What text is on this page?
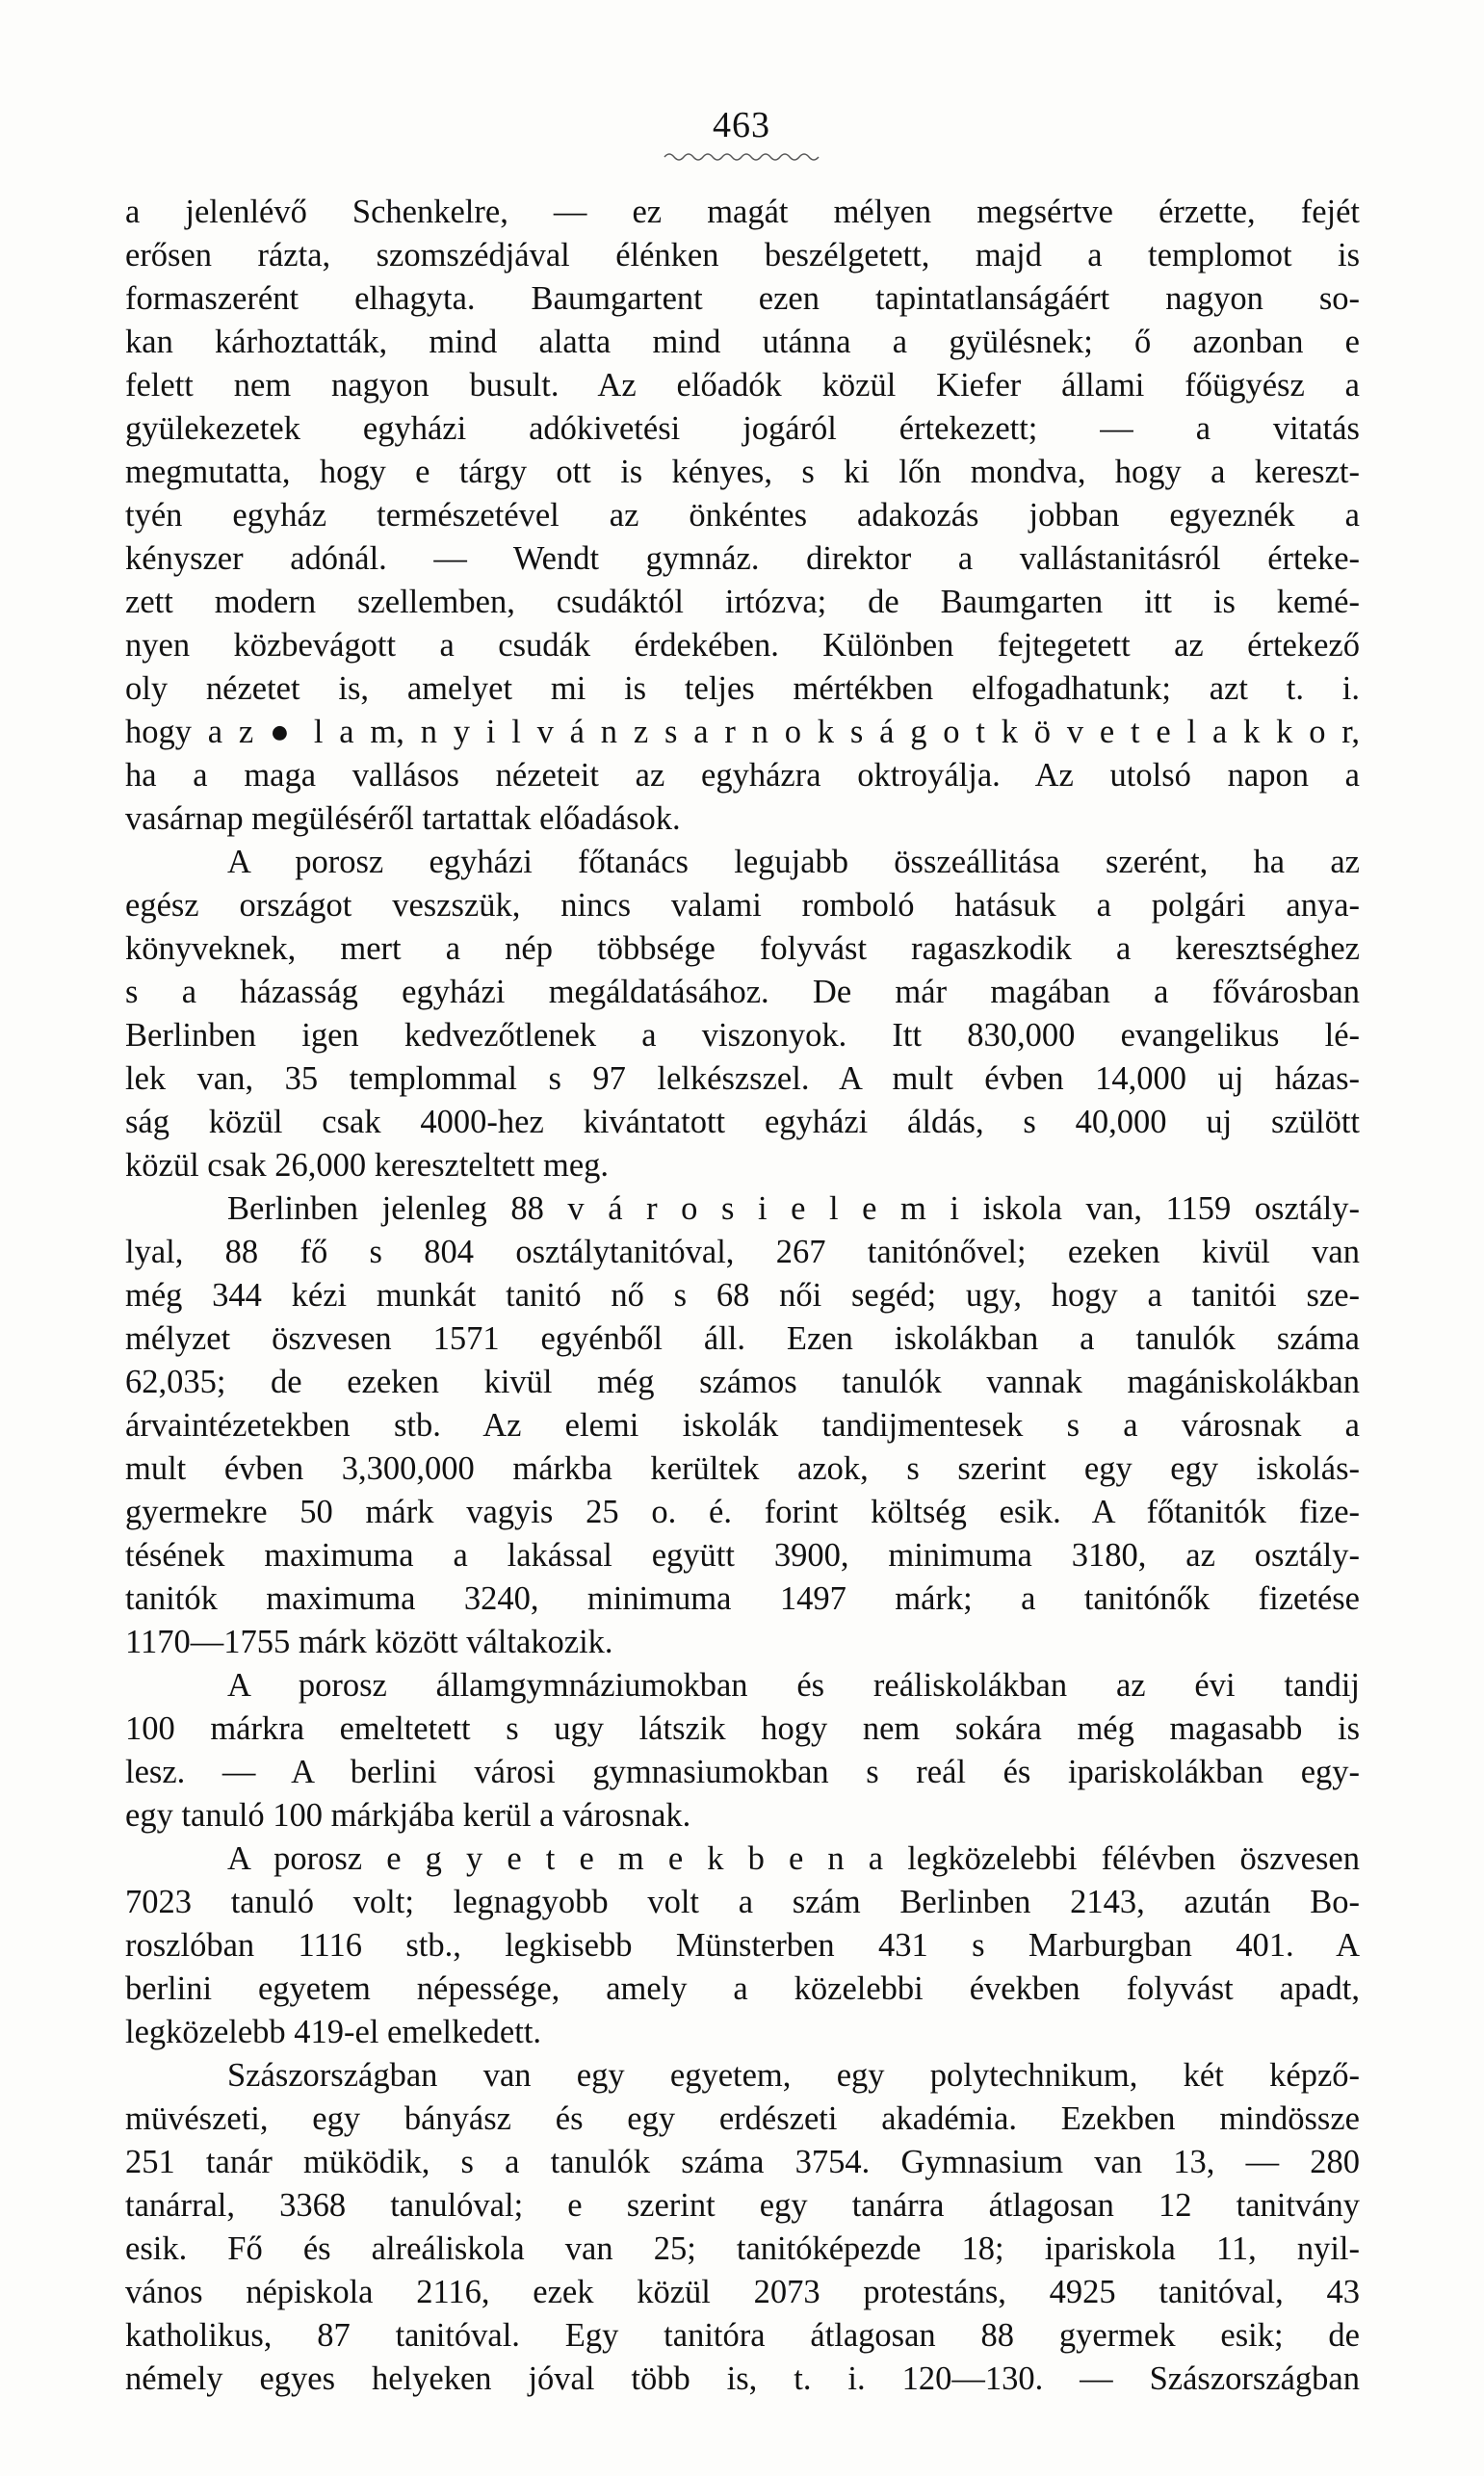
463
a jelenlévő Schenkelre, — ez magát mélyen megsértve érzette, fejét
erősen rázta, szomszédjával élénken beszélgetett, majd a templomot is
formaszerént elhagyta. Baumgartent ezen tapintatlanságáért nagyon so-
kan kárhoztatták, mind alatta mind utánna a gyülésnek; ő azonban e
felett nem nagyon busult. Az előadók közül Kiefer állami főügyész a
gyülekezetek egyházi adókivetési jogáról értekezett; — a vitatás
megmutatta, hogy e tárgy ott is kényes, s ki lőn mondva, hogy a kereszt-
tyén egyház természetével az önkéntes adakozás jobban egyeznék a
kényszer adónál. — Wendt gymnáz. direktor a vallástanitásról érteke-
zett modern szellemben, csudáktól irtózva; de Baumgarten itt is kemé-
nyen közbevágott a csudák érdekében. Különben fejtegetett az értekező
oly nézetet is, amelyet mi is teljes mértékben elfogadhatunk; azt t. i.
hogy a z ● l a m, n y i l v á n z s a r n o k s á g o t k ö v e t e l a k k o r,
ha a maga vallásos nézeteit az egyházra oktroyálja. Az utolsó napon a
vasárnap megüléséről tartattak előadások.
A porosz egyházi főtanács legujabb összeállitása szerént, ha az
egész országot veszszük, nincs valami romboló hatásuk a polgári anya-
könyveknek, mert a nép többsége folyvást ragaszkodik a keresztséghez
s a házasság egyházi megáldatásához. De már magában a fővárosban
Berlinben igen kedvezőtlenek a viszonyok. Itt 830,000 evangelikus lé-
lek van, 35 templommal s 97 lelkészszel. A mult évben 14,000 uj házas-
ság közül csak 4000-hez kivántatott egyházi áldás, s 40,000 uj szülött
közül csak 26,000 kereszteltett meg.
Berlinben jelenleg 88 v á r o s i e l e m i iskola van, 1159 osztály-
lyal, 88 fő s 804 osztálytanitóval, 267 tanitónővel; ezeken kivül van
még 344 kézi munkát tanitó nő s 68 női segéd; ugy, hogy a tanitói sze-
mélyzet öszvesen 1571 egyénből áll. Ezen iskolákban a tanulók száma
62,035; de ezeken kivül még számos tanulók vannak magániskolákban
árvaintézetekben stb. Az elemi iskolák tandijmentesek s a városnak a
mult évben 3,300,000 márkba kerültek azok, s szerint egy egy iskolás-
gyermekre 50 márk vagyis 25 o. é. forint költség esik. A főtanitók fize-
tésének maximuma a lakással együtt 3900, minimuma 3180, az osztály-
tanitók maximuma 3240, minimuma 1497 márk; a tanitónők fizetése
1170—1755 márk között váltakozik.
A porosz államgymnáziumokban és reáliskolákban az évi tandij
100 márkra emeltetett s ugy látszik hogy nem sokára még magasabb is
lesz. — A berlini városi gymnasiumokban s reál és ipariskolákban egy-
egy tanuló 100 márkjába kerül a városnak.
A porosz e g y e t e m e k b e n a legközelebbi félévben öszvesen
7023 tanuló volt; legnagyobb volt a szám Berlinben 2143, azután Bo-
roszlóban 1116 stb., legkisebb Münsterben 431 s Marburgban 401. A
berlini egyetem népessége, amely a közelebbi években folyvást apadt,
legközelebb 419-el emelkedett.
Szászországban van egy egyetem, egy polytechnikum, két képző-
müvészeti, egy bányász és egy erdészeti akadémia. Ezekben mindössze
251 tanár müködik, s a tanulók száma 3754. Gymnasium van 13, — 280
tanárral, 3368 tanulóval; e szerint egy tanárra átlagosan 12 tanitvány
esik. Fő és alreáliskola van 25; tanitóképezde 18; ipariskola 11, nyil-
vános népiskola 2116, ezek közül 2073 protestáns, 4925 tanitóval, 43
katholikus, 87 tanitóval. Egy tanitóra átlagosan 88 gyermek esik; de
némely egyes helyeken jóval több is, t. i. 120—130. — Szászországban
